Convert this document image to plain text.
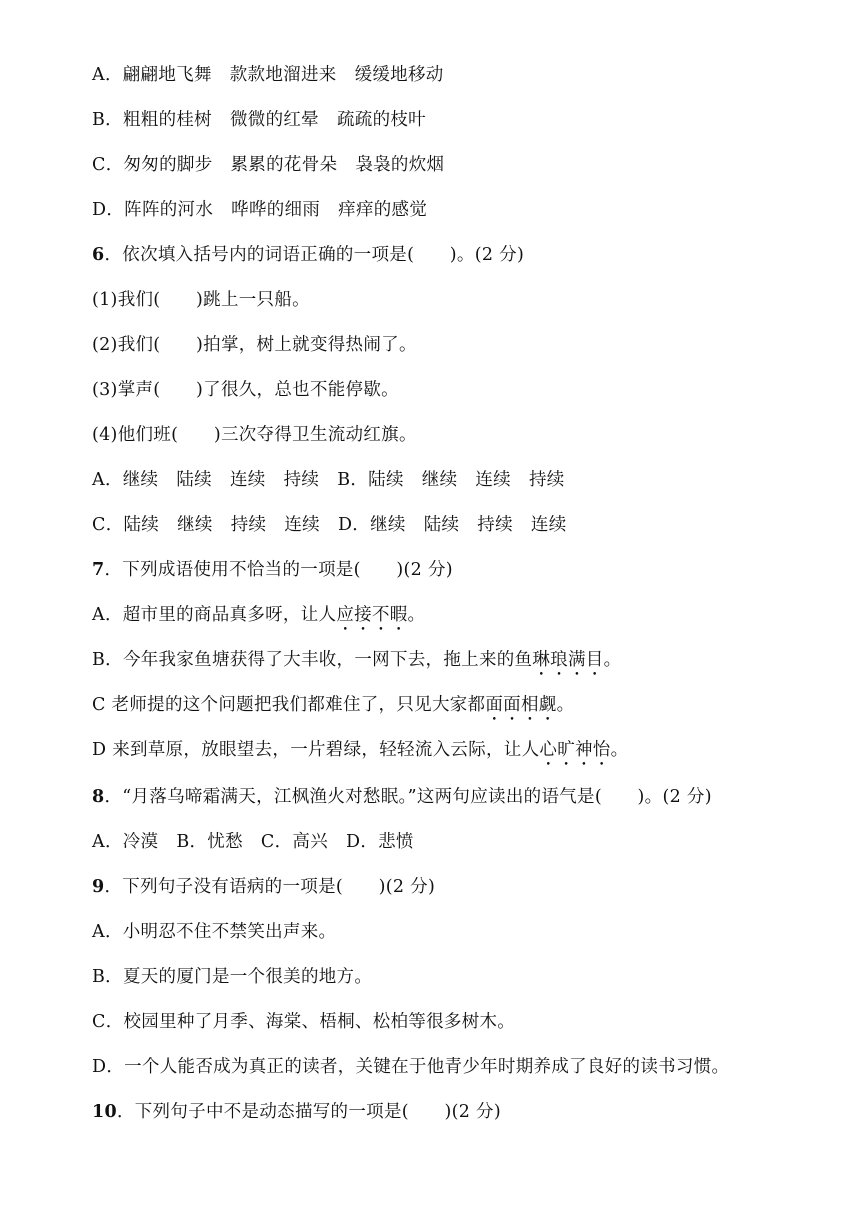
A．翩翩地飞舞 款款地溜进来 缓缓地移动
B．粗粗的桂树 微微的红晕 疏疏的枝叶
C．匆匆的脚步 累累的花骨朵 袅袅的炊烟
D．阵阵的河水 哗哗的细雨 痒痒的感觉
6．依次填入括号内的词语正确的一项是(　　)。(2 分)
(1)我们(　　)跳上一只船。
(2)我们(　　)拍掌，树上就变得热闹了。
(3)掌声(　　)了很久，总也不能停歇。
(4)他们班(　　)三次夺得卫生流动红旗。
A．继续 陆续 连续 持续 B．陆续 继续 连续 持续
C．陆续 继续 持续 连续 D．继续 陆续 持续 连续
7．下列成语使用不恰当的一项是(　　)(2 分)
A．超市里的商品真多呀，让人应接不暇。
B．今年我家鱼塘获得了大丰收，一网下去，拖上来的鱼琳琅满目。
C 老师提的这个问题把我们都难住了，只见大家都面面相觑。
D 来到草原，放眼望去，一片碧绿，轻轻流入云际，让人心旷神怡。
8．“月落乌啼霜满天，江枫渔火对愁眠。”这两句应读出的语气是(　　)。(2 分)
A．冷漠 B．忧愁 C．高兴 D．悲愤
9．下列句子没有语病的一项是(　　)(2 分)
A．小明忍不住不禁笑出声来。
B．夏天的厦门是一个很美的地方。
C．校园里种了月季、海棠、梧桐、松柏等很多树木。
D．一个人能否成为真正的读者，关键在于他青少年时期养成了良好的读书习惯。
10．下列句子中不是动态描写的一项是(　　)(2 分)
